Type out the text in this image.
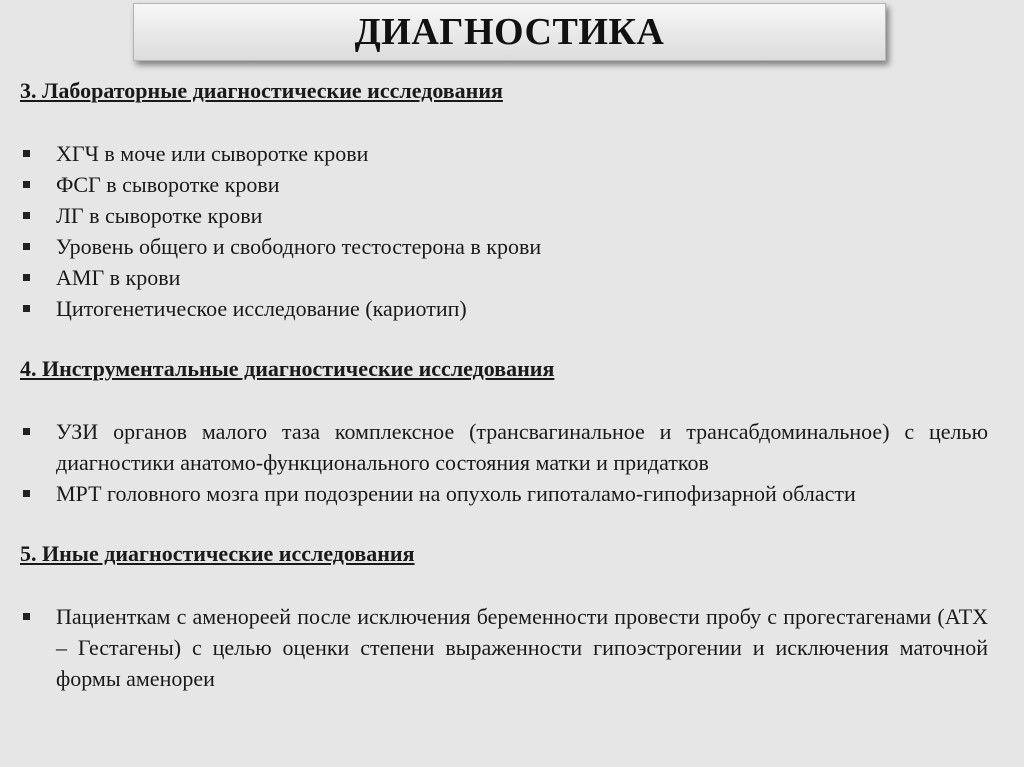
ДИАГНОСТИКА

3. Лабораторные диагностические исследования

ХГЧ в моче или сыворотке крови
ФСГ в сыворотке крови
ЛГ в сыворотке крови
Уровень общего и свободного тестостерона в крови
АМГ в крови
Цитогенетическое исследование (кариотип)

4. Инструментальные диагностические исследования

УЗИ органов малого таза комплексное (трансвагинальное и трансабдоминальное) с целью диагностики анатомо-функционального состояния матки и придатков
МРТ головного мозга при подозрении на опухоль гипоталамо-гипофизарной области

5. Иные диагностические исследования

Пациенткам с аменореей после исключения беременности провести пробу с прогестагенами (АТХ – Гестагены) с целью оценки степени выраженности гипоэстрогении и исключения маточной формы аменореи
